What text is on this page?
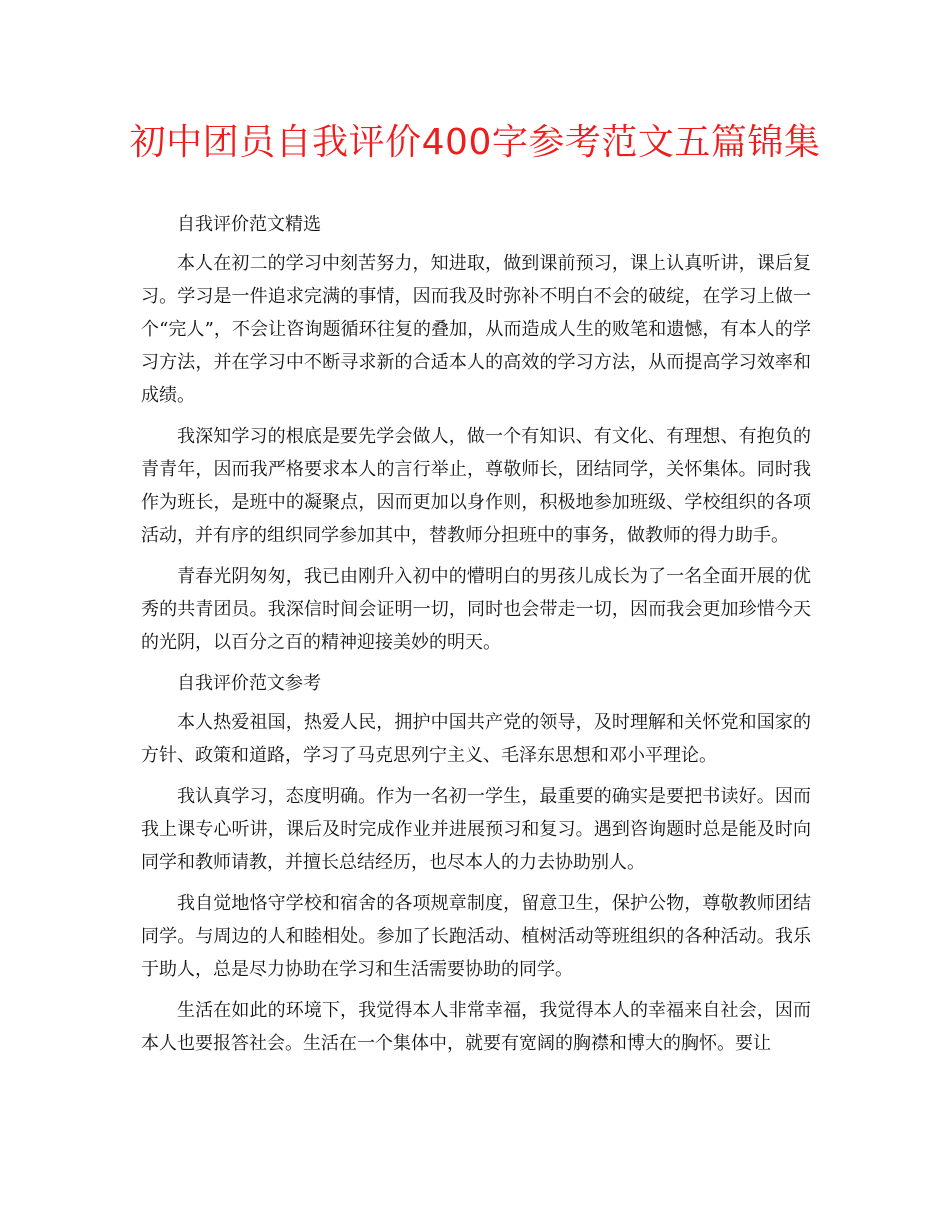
初中团员自我评价400字参考范文五篇锦集
自我评价范文精选

本人在初二的学习中刻苦努力，知进取，做到课前预习，课上认真听讲，课后复习。学习是一件追求完满的事情，因而我及时弥补不明白不会的破绽，在学习上做一个“完人”，不会让咨询题循环往复的叠加，从而造成人生的败笔和遗憾，有本人的学习方法，并在学习中不断寻求新的合适本人的高效的学习方法，从而提高学习效率和成绩。

我深知学习的根底是要先学会做人，做一个有知识、有文化、有理想、有抱负的青青年，因而我严格要求本人的言行举止，尊敬师长，团结同学，关怀集体。同时我作为班长，是班中的凝聚点，因而更加以身作则，积极地参加班级、学校组织的各项活动，并有序的组织同学参加其中，替教师分担班中的事务，做教师的得力助手。

青春光阴匆匆，我已由刚升入初中的懵明白的男孩儿成长为了一名全面开展的优秀的共青团员。我深信时间会证明一切，同时也会带走一切，因而我会更加珍惜今天的光阴，以百分之百的精神迎接美妙的明天。

自我评价范文参考

本人热爱祖国，热爱人民，拥护中国共产党的领导，及时理解和关怀党和国家的方针、政策和道路，学习了马克思列宁主义、毛泽东思想和邓小平理论。

我认真学习，态度明确。作为一名初一学生，最重要的确实是要把书读好。因而我上课专心听讲，课后及时完成作业并进展预习和复习。遇到咨询题时总是能及时向同学和教师请教，并擅长总结经历，也尽本人的力去协助别人。

我自觉地恪守学校和宿舍的各项规章制度，留意卫生，保护公物，尊敬教师团结同学。与周边的人和睦相处。参加了长跑活动、植树活动等班组织的各种活动。我乐于助人，总是尽力协助在学习和生活需要协助的同学。

生活在如此的环境下，我觉得本人非常幸福，我觉得本人的幸福来自社会，因而本人也要报答社会。生活在一个集体中，就要有宽阔的胸襟和博大的胸怀。要让
